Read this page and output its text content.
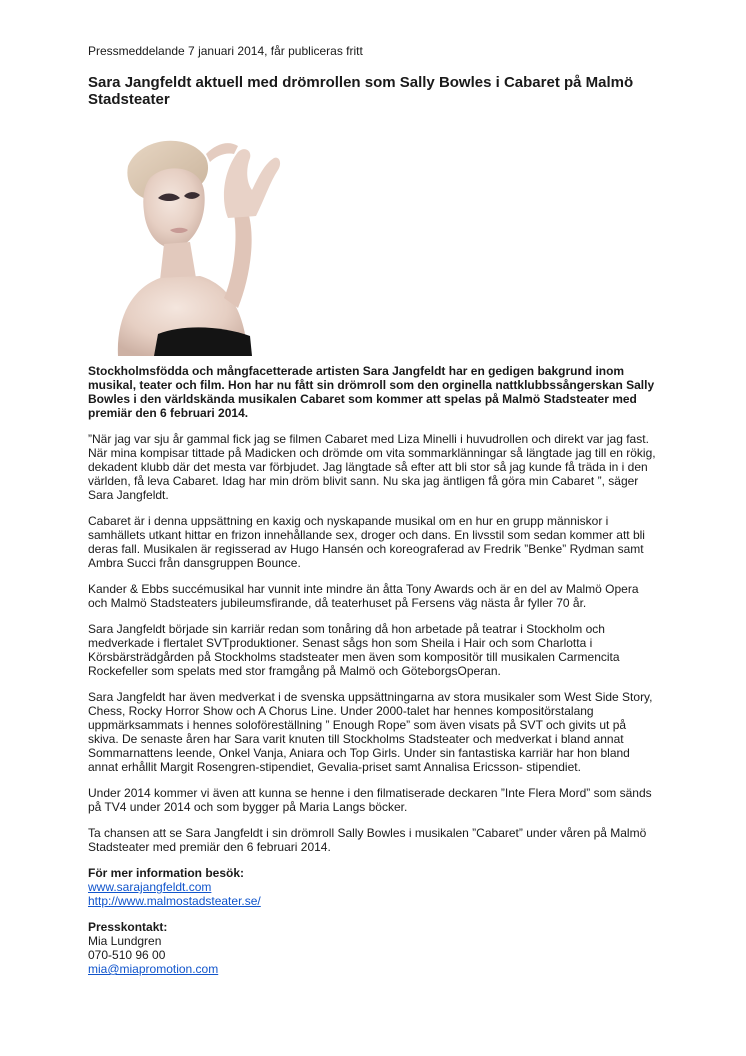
Pressmeddelande 7 januari 2014, får publiceras fritt

Sara Jangfeldt aktuell med drömrollen som Sally Bowles i Cabaret på Malmö Stadsteater

Stockholmsfödda och mångfacetterade artisten Sara Jangfeldt har en gedigen bakgrund inom musikal, teater och film. Hon har nu fått sin drömroll som den orginella nattklubbssångerskan Sally Bowles i den världskända musikalen Cabaret som kommer att spelas på Malmö Stadsteater med premiär den 6 februari 2014.

”När jag var sju år gammal fick jag se filmen Cabaret med Liza Minelli i huvudrollen och direkt var jag fast. När mina kompisar tittade på Madicken och drömde om vita sommarklänningar så längtade jag till en rökig, dekadent klubb där det mesta var förbjudet. Jag längtade så efter att bli stor så jag kunde få träda in i den världen, få leva Cabaret. Idag har min dröm blivit sann. Nu ska jag äntligen få göra min Cabaret ”, säger Sara Jangfeldt.

Cabaret är i denna uppsättning en kaxig och nyskapande musikal om en hur en grupp människor i samhällets utkant hittar en frizon innehållande sex, droger och dans. En livsstil som sedan kommer att bli deras fall. Musikalen är regisserad av Hugo Hansén och koreograferad av Fredrik ”Benke” Rydman samt Ambra Succi från dansgruppen Bounce.

Kander & Ebbs succémusikal har vunnit inte mindre än åtta Tony Awards och är en del av Malmö Opera och Malmö Stadsteaters jubileumsfirande, då teaterhuset på Fersens väg nästa år fyller 70 år.

Sara Jangfeldt började sin karriär redan som tonåring då hon arbetade på teatrar i Stockholm och medverkade i flertalet SVTproduktioner. Senast sågs hon som Sheila i Hair och som Charlotta i Körsbärsträdgården på Stockholms stadsteater men även som kompositör till musikalen Carmencita Rockefeller som spelats med stor framgång på Malmö och GöteborgsOperan.

Sara Jangfeldt har även medverkat i de svenska uppsättningarna av stora musikaler som West Side Story, Chess, Rocky Horror Show och A Chorus Line. Under 2000-talet har hennes kompositörstalang uppmärksammats i hennes soloföreställning ” Enough Rope” som även visats på SVT och givits ut på skiva. De senaste åren har Sara varit knuten till Stockholms Stadsteater och medverkat i bland annat Sommarnattens leende, Onkel Vanja, Aniara och Top Girls. Under sin fantastiska karriär har hon bland annat erhållit Margit Rosengren-stipendiet, Gevalia-priset samt Annalisa Ericsson- stipendiet.

Under 2014 kommer vi även att kunna se henne i den filmatiserade deckaren ”Inte Flera Mord” som sänds på TV4 under 2014 och som bygger på Maria Langs böcker.

Ta chansen att se Sara Jangfeldt i sin drömroll Sally Bowles i musikalen ”Cabaret” under våren på Malmö Stadsteater med premiär den 6 februari 2014.

För mer information besök:

www.sarajangfeldt.com
http://www.malmostadsteater.se/

Presskontakt:

Mia Lundgren
070-510 96 00
mia@miapromotion.com
